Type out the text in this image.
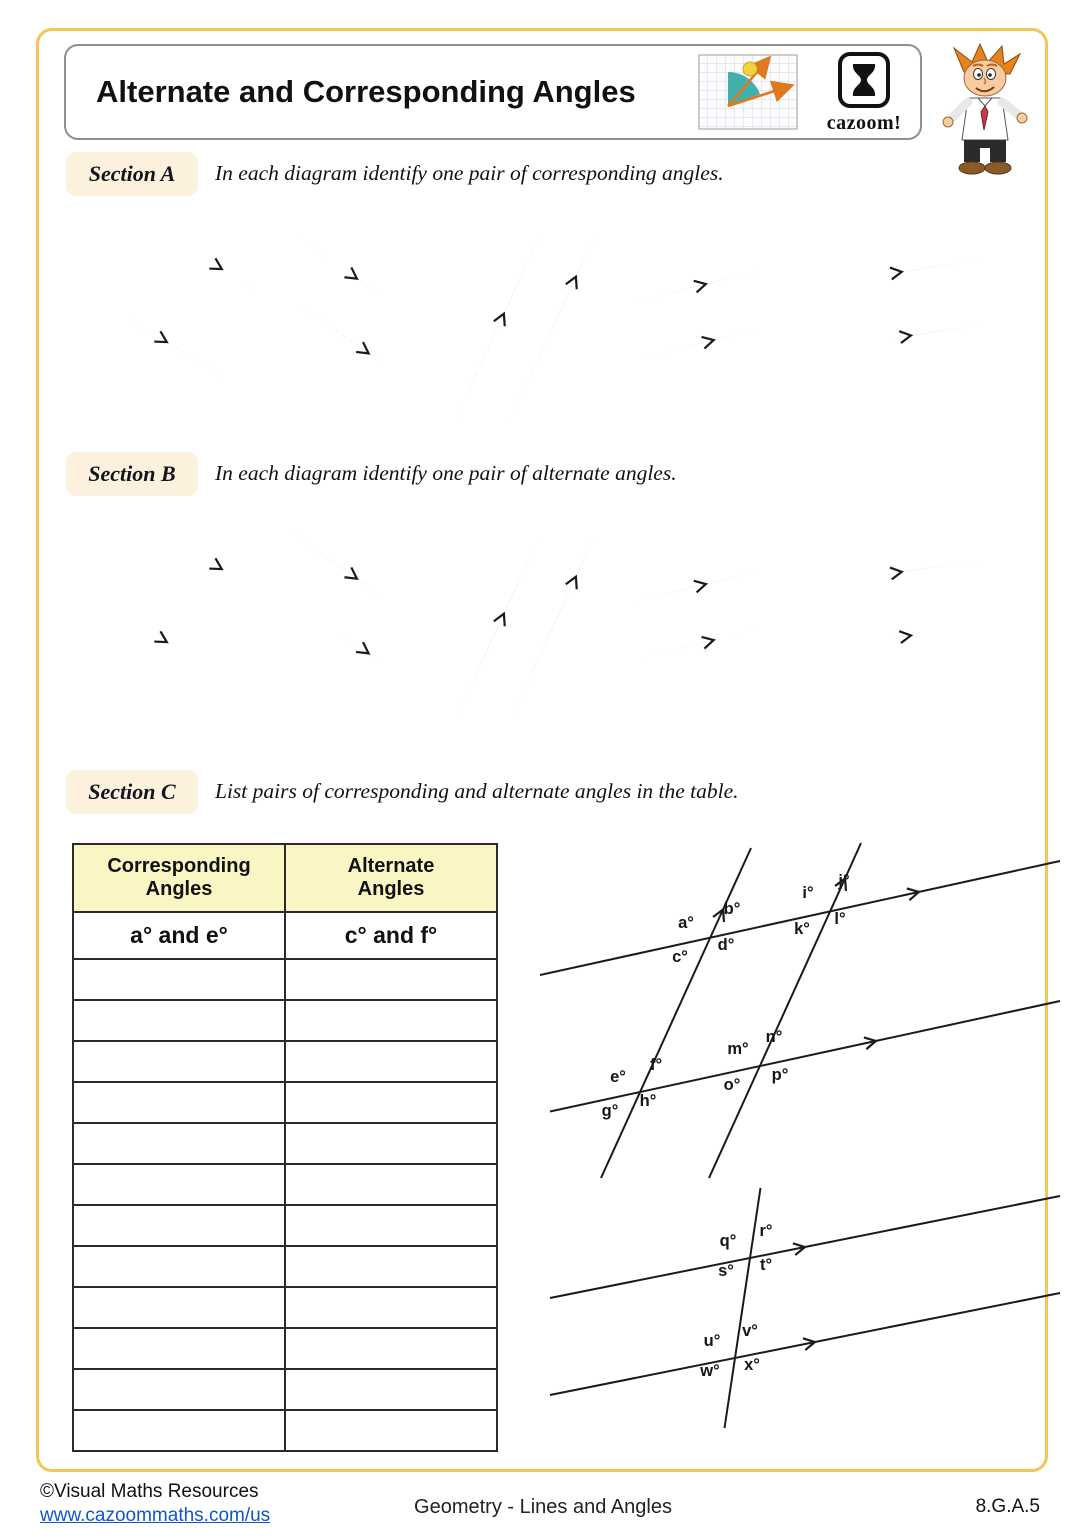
Alternate and Corresponding Angles
cazoom!
Section A	In each diagram identify one pair of corresponding angles.
Section B	In each diagram identify one pair of alternate angles.
Section C	List pairs of corresponding and alternate angles in the table.
Corresponding Angles	Alternate Angles
a° and e°	c° and f°

		a°
b°
c°
d°
e°
f°
g°
h°
i°
j°
k°
l°
m°
n°
o°
p°
q°
r°
s° t°
u°
v°
w° x°
©Visual Maths Resources
www.cazoommaths.com/us	Geometry - Lines and Angles	8.G.A.5
